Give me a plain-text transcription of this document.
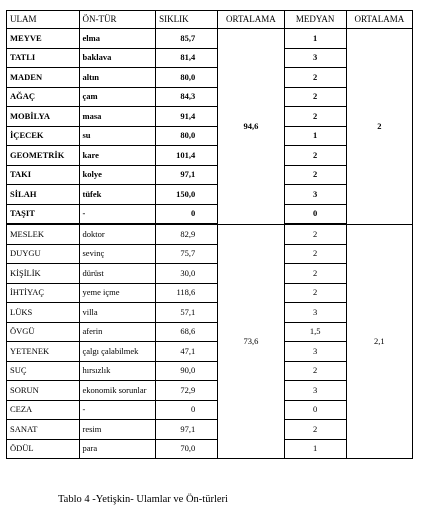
ULAM	ÖN-TÜR	SIKLIK	ORTALAMA	MEDYAN	ORTALAMA
MEYVE	elma	85,7	94,6	1	2
TATLI	baklava	81,4		3	
MADEN	altın	80,0		2	
AĞAÇ	çam	84,3		2	
MOBİLYA	masa	91,4		2	
İÇECEK	su	80,0		1	
GEOMETRİK	kare	101,4		2	
TAKI	kolye	97,1		2	
SİLAH	tüfek	150,0		3	
TAŞIT	-	0		0	
MESLEK	doktor	82,9	73,6	2	2,1
DUYGU	sevinç	75,7		2	
KİŞİLİK	dürüst	30,0		2	
İHTİYAÇ	yeme içme	118,6		2	
LÜKS	villa	57,1		3	
ÖVGÜ	aferin	68,6		1,5	
YETENEK	çalgı çalabilmek	47,1		3	
SUÇ	hırsızlık	90,0		2	
SORUN	ekonomik sorunlar	72,9		3	
CEZA	-	0		0	
SANAT	resim	97,1		2	
ÖDÜL	para	70,0		1	
Tablo 4 -Yetişkin- Ulamlar ve Ön-türleri
